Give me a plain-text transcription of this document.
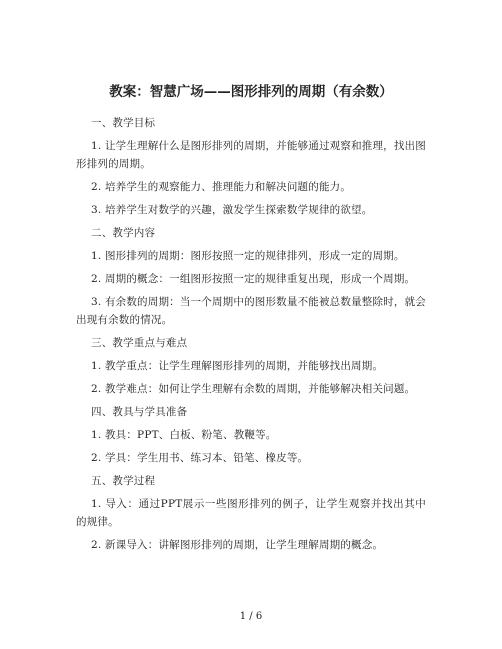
教案：智慧广场——图形排列的周期（有余数）

一、教学目标

1. 让学生理解什么是图形排列的周期，并能够通过观察和推理，找出图形排列的周期。

2. 培养学生的观察能力、推理能力和解决问题的能力。

3. 培养学生对数学的兴趣，激发学生探索数学规律的欲望。

二、教学内容

1. 图形排列的周期：图形按照一定的规律排列，形成一定的周期。

2. 周期的概念：一组图形按照一定的规律重复出现，形成一个周期。

3. 有余数的周期：当一个周期中的图形数量不能被总数量整除时，就会出现有余数的情况。

三、教学重点与难点

1. 教学重点：让学生理解图形排列的周期，并能够找出周期。

2. 教学难点：如何让学生理解有余数的周期，并能够解决相关问题。

四、教具与学具准备

1. 教具：PPT、白板、粉笔、教鞭等。

2. 学具：学生用书、练习本、铅笔、橡皮等。

五、教学过程

1. 导入：通过PPT展示一些图形排列的例子，让学生观察并找出其中的规律。

2. 新课导入：讲解图形排列的周期，让学生理解周期的概念。

1 / 6
